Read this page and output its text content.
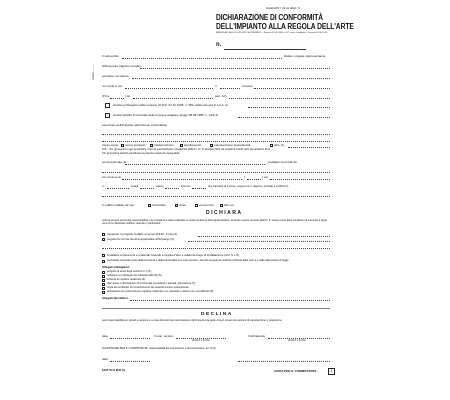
ALLEGATO I, (di cui all'art. 7)
DICHIARAZIONE DI CONFORMITÀ
DELL'IMPIANTO ALLA REGOLA DELL'ARTE
MINISTERO DELLO SVILUPPO ECONOMICO - Decreto 22.01.2008, n.37 e succ. modifiche - Decreto 19.05.2010
n.
Codice ............
Il sottoscritto	titolare o legale rappresentante
dell'impresa (ragione sociale)
operante nel settore
con sede in via	n.	comune
(Prov.	) tel.	part. IVA
iscritta nel Registro delle Imprese (D.P.R. 07.12.1995, n. 581) della Camera C.I.A.A. di
iscritta all'Albo Provinciale delle Imprese artigiane (legge 08.08.1985, n. 443) di
esecutrice dell'impianto (descrizione schematica)
inteso come: nuovo impianto	trasformazione	ampliamento	manutenzione straordinaria	altro (1)
N.B. - Per gli impianti a gas specificare il tipo di gas distribuito: canalizzato della 1ª, 2ª, 3ª famiglia; GPL da recipienti mobili; GPL da serbatoio fisso.
Per gli impianti elettrici specificare la potenza massima impegnabile.
commissionato da	installato nei locali siti
nel comune di	(	) via
n.	scala	piano	interno	di proprietà di (nome, cognome o ragione sociale e indirizzo)
in edificio adibito ad uso:	industriale	civile	commercio	altri usi
DICHIARA
sotto la propria personale responsabilità, che l'impianto è stato realizzato in modo conforme alla regola dell'arte, secondo quanto previsto dall'art. 6, tenuto conto delle condizioni di esercizio e degli usi a cui è destinato l'edificio, avendo in particolare:
rispettato il progetto redatto ai sensi dell'art. 5 (da (2)
seguito la norma tecnica applicabile all'impiego (3)
installato componenti e materiali costruiti a regola d'arte e adatti al luogo di installazione (artt. 5 e 6);
controllato l'impianto ai fini della sicurezza e della funzionalità con esito positivo, avendo eseguito le verifiche richieste dalle norme e dalle disposizioni di legge.
Allegati obbligatori:
progetto ai sensi degli articoli 5 e 7 (4);
relazione con tipologie dei materiali utilizzati (5);
schema di impianto realizzato (6);
riferimento a dichiarazioni di conformità precedenti o parziali, già esistenti (7);
copia del certificato di riconoscimento dei requisiti tecnico-professionali;
attestazione di conformità per impianto realizzato con materiali o sistemi non normalizzati (8).
Allegati facoltativi:
DECLINA
ogni responsabilità per sinistri a persone o a cose derivanti da manomissione dell'impianto da parte di terzi ovvero da carenze di manutenzione o riparazione.
data	Il resp. tecnico
(timbro e firma)
Il dichiarante
(timbro e firma)
AVVERTENZE PER IL COMMITTENTE: responsabilità del committente o del proprietario, art. 8 (9).
data
E203 ITC/1 M/11 (a)	COPIA PER IL COMMITTENTE	1
